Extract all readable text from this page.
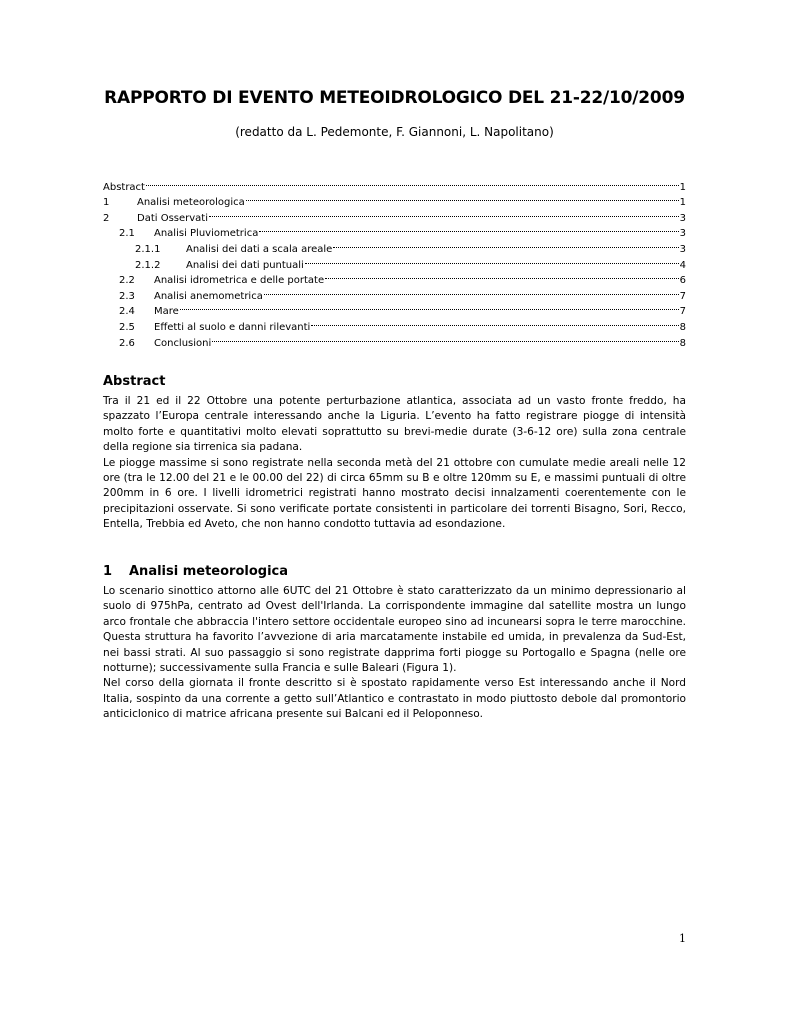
RAPPORTO DI EVENTO METEOIDROLOGICO DEL 21-22/10/2009
(redatto da L. Pedemonte, F. Giannoni, L. Napolitano)
Abstract	1
1	Analisi meteorologica	1
2	Dati Osservati	3
2.1	Analisi Pluviometrica	3
2.1.1	Analisi dei dati a scala areale	3
2.1.2	Analisi dei dati puntuali	4
2.2	Analisi idrometrica e delle portate	6
2.3	Analisi anemometrica	7
2.4	Mare	7
2.5	Effetti al suolo e danni rilevanti	8
2.6	Conclusioni	8
Abstract

Tra il 21 ed il 22 Ottobre una potente perturbazione atlantica, associata ad un vasto fronte freddo, ha spazzato l’Europa centrale interessando anche la Liguria. L’evento ha fatto registrare piogge di intensità molto forte e quantitativi molto elevati soprattutto su brevi-medie durate (3-6-12 ore) sulla zona centrale della regione sia tirrenica sia padana.

Le piogge massime si sono registrate nella seconda metà del 21 ottobre con cumulate medie areali nelle 12 ore (tra le 12.00 del 21 e le 00.00 del 22) di circa 65mm su B e oltre 120mm su E, e massimi puntuali di oltre 200mm in 6 ore. I livelli idrometrici registrati hanno mostrato decisi innalzamenti coerentemente con le precipitazioni osservate. Si sono verificate portate consistenti in particolare dei torrenti Bisagno, Sori, Recco, Entella, Trebbia ed Aveto, che non hanno condotto tuttavia ad esondazione.

1 Analisi meteorologica

Lo scenario sinottico attorno alle 6UTC del 21 Ottobre è stato caratterizzato da un minimo depressionario al suolo di 975hPa, centrato ad Ovest dell'Irlanda. La corrispondente immagine dal satellite mostra un lungo arco frontale che abbraccia l'intero settore occidentale europeo sino ad incunearsi sopra le terre marocchine. Questa struttura ha favorito l’avvezione di aria marcatamente instabile ed umida, in prevalenza da Sud-Est, nei bassi strati. Al suo passaggio si sono registrate dapprima forti piogge su Portogallo e Spagna (nelle ore notturne); successivamente sulla Francia e sulle Baleari (Figura 1).

Nel corso della giornata il fronte descritto si è spostato rapidamente verso Est interessando anche il Nord Italia, sospinto da una corrente a getto sull’Atlantico e contrastato in modo piuttosto debole dal promontorio anticiclonico di matrice africana presente sui Balcani ed il Peloponneso.

1
